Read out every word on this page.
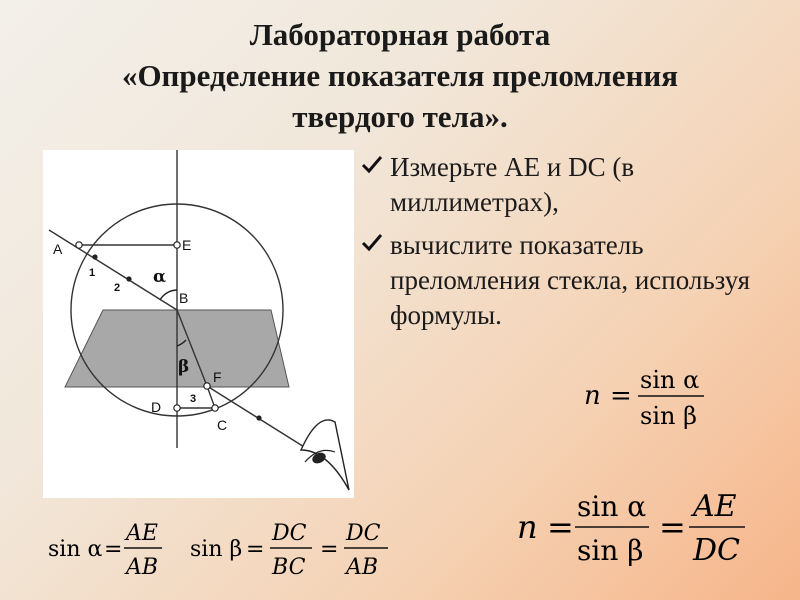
Лабораторная работа
«Определение показателя преломления
твердого тела».
A	E
B
F
D
C
1
2
3
α
β
Измерьте AE и DC (в миллиметрах),
вычислите показатель преломления стекла, используя формулы.
n =
sin α
sin β
n =
sin α
sin β
=
AE
DC
sin α =
AE
AB
sin β =
DC
BC
=
DC
AB
